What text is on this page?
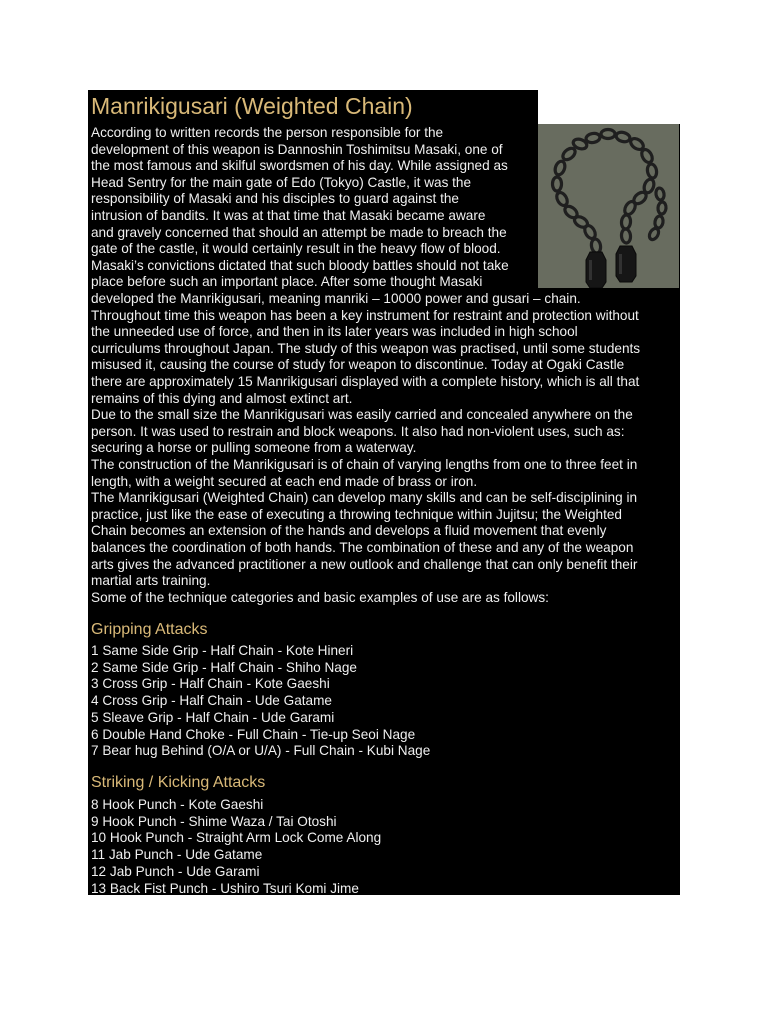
Manrikigusari (Weighted Chain)
According to written records the person responsible for the
development of this weapon is Dannoshin Toshimitsu Masaki, one of
the most famous and skilful swordsmen of his day. While assigned as
Head Sentry for the main gate of Edo (Tokyo) Castle, it was the
responsibility of Masaki and his disciples to guard against the
intrusion of bandits. It was at that time that Masaki became aware
and gravely concerned that should an attempt be made to breach the
gate of the castle, it would certainly result in the heavy flow of blood.
Masaki’s convictions dictated that such bloody battles should not take
place before such an important place. After some thought Masaki
developed the Manrikigusari, meaning manriki – 10000 power and gusari – chain.
Throughout time this weapon has been a key instrument for restraint and protection without
the unneeded use of force, and then in its later years was included in high school
curriculums throughout Japan. The study of this weapon was practised, until some students
misused it, causing the course of study for weapon to discontinue. Today at Ogaki Castle
there are approximately 15 Manrikigusari displayed with a complete history, which is all that
remains of this dying and almost extinct art.
Due to the small size the Manrikigusari was easily carried and concealed anywhere on the
person. It was used to restrain and block weapons. It also had non-violent uses, such as:
securing a horse or pulling someone from a waterway.
The construction of the Manrikigusari is of chain of varying lengths from one to three feet in
length, with a weight secured at each end made of brass or iron.
The Manrikigusari (Weighted Chain) can develop many skills and can be self-disciplining in
practice, just like the ease of executing a throwing technique within Jujitsu; the Weighted
Chain becomes an extension of the hands and develops a fluid movement that evenly
balances the coordination of both hands. The combination of these and any of the weapon
arts gives the advanced practitioner a new outlook and challenge that can only benefit their
martial arts training.
Some of the technique categories and basic examples of use are as follows:
Gripping Attacks
1 Same Side Grip - Half Chain - Kote Hineri
2 Same Side Grip - Half Chain - Shiho Nage
3 Cross Grip - Half Chain - Kote Gaeshi
4 Cross Grip - Half Chain - Ude Gatame
5 Sleave Grip - Half Chain - Ude Garami
6 Double Hand Choke - Full Chain - Tie-up Seoi Nage
7 Bear hug Behind (O/A or U/A) - Full Chain - Kubi Nage
Striking / Kicking Attacks
8 Hook Punch - Kote Gaeshi
9 Hook Punch - Shime Waza / Tai Otoshi
10 Hook Punch - Straight Arm Lock Come Along
11 Jab Punch - Ude Gatame
12 Jab Punch - Ude Garami
13 Back Fist Punch - Ushiro Tsuri Komi Jime
